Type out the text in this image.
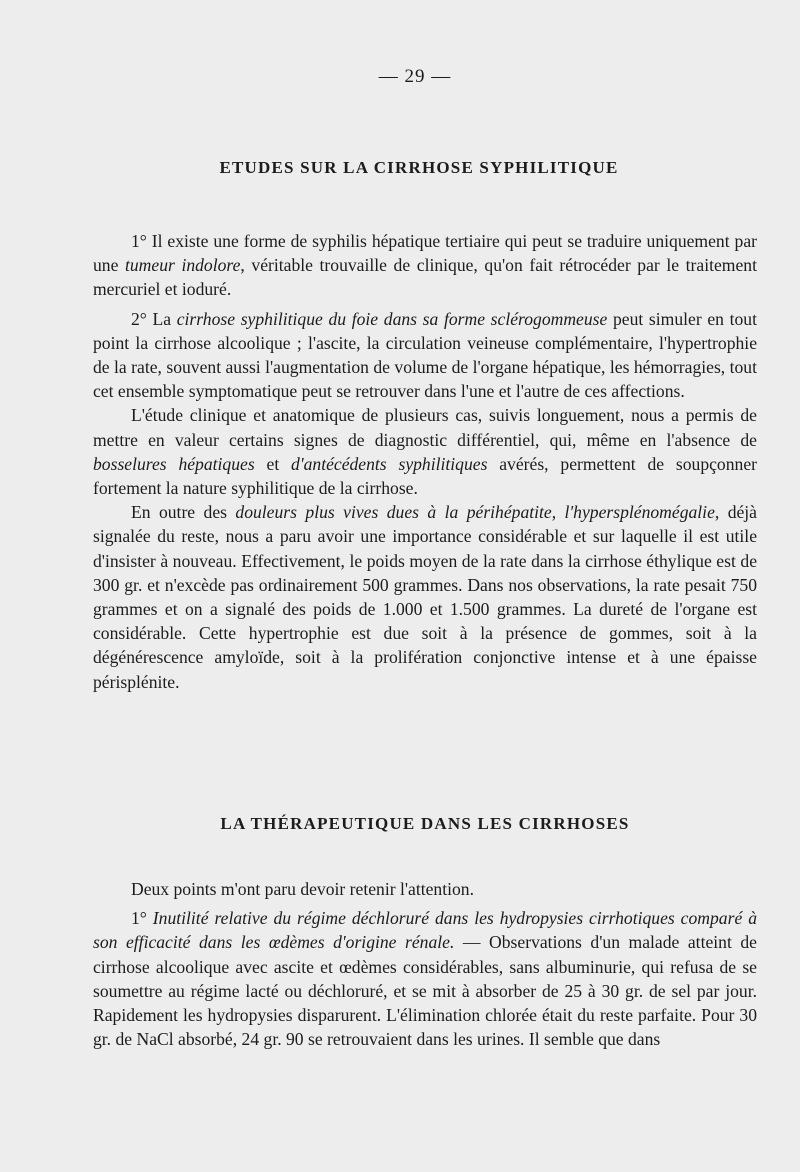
— 29 —
ETUDES SUR LA CIRRHOSE SYPHILITIQUE

1° Il existe une forme de syphilis hépatique tertiaire qui peut se traduire uniquement par une tumeur indolore, véritable trouvaille de clinique, qu'on fait rétrocéder par le traitement mercuriel et ioduré.

2° La cirrhose syphilitique du foie dans sa forme sclérogommeuse peut simuler en tout point la cirrhose alcoolique ; l'ascite, la circulation veineuse complémentaire, l'hypertrophie de la rate, souvent aussi l'augmentation de volume de l'organe hépatique, les hémorragies, tout cet ensemble symptomatique peut se retrouver dans l'une et l'autre de ces affections.

L'étude clinique et anatomique de plusieurs cas, suivis longuement, nous a permis de mettre en valeur certains signes de diagnostic différentiel, qui, même en l'absence de bosselures hépatiques et d'antécédents syphilitiques avérés, permettent de soupçonner fortement la nature syphilitique de la cirrhose.

En outre des douleurs plus vives dues à la périhépatite, l'hypersplénomégalie, déjà signalée du reste, nous a paru avoir une importance considérable et sur laquelle il est utile d'insister à nouveau. Effectivement, le poids moyen de la rate dans la cirrhose éthylique est de 300 gr. et n'excède pas ordinairement 500 grammes. Dans nos observations, la rate pesait 750 grammes et on a signalé des poids de 1.000 et 1.500 grammes. La dureté de l'organe est considérable. Cette hypertrophie est due soit à la présence de gommes, soit à la dégénérescence amyloïde, soit à la prolifération conjonctive intense et à une épaisse périsplénite.

LA THÉRAPEUTIQUE DANS LES CIRRHOSES

Deux points m'ont paru devoir retenir l'attention.

1° Inutilité relative du régime déchloruré dans les hydropysies cirrhotiques comparé à son efficacité dans les œdèmes d'origine rénale. — Observations d'un malade atteint de cirrhose alcoolique avec ascite et œdèmes considérables, sans albuminurie, qui refusa de se soumettre au régime lacté ou déchloruré, et se mit à absorber de 25 à 30 gr. de sel par jour. Rapidement les hydropysies disparurent. L'élimination chlorée était du reste parfaite. Pour 30 gr. de NaCl absorbé, 24 gr. 90 se retrouvaient dans les urines. Il semble que dans
